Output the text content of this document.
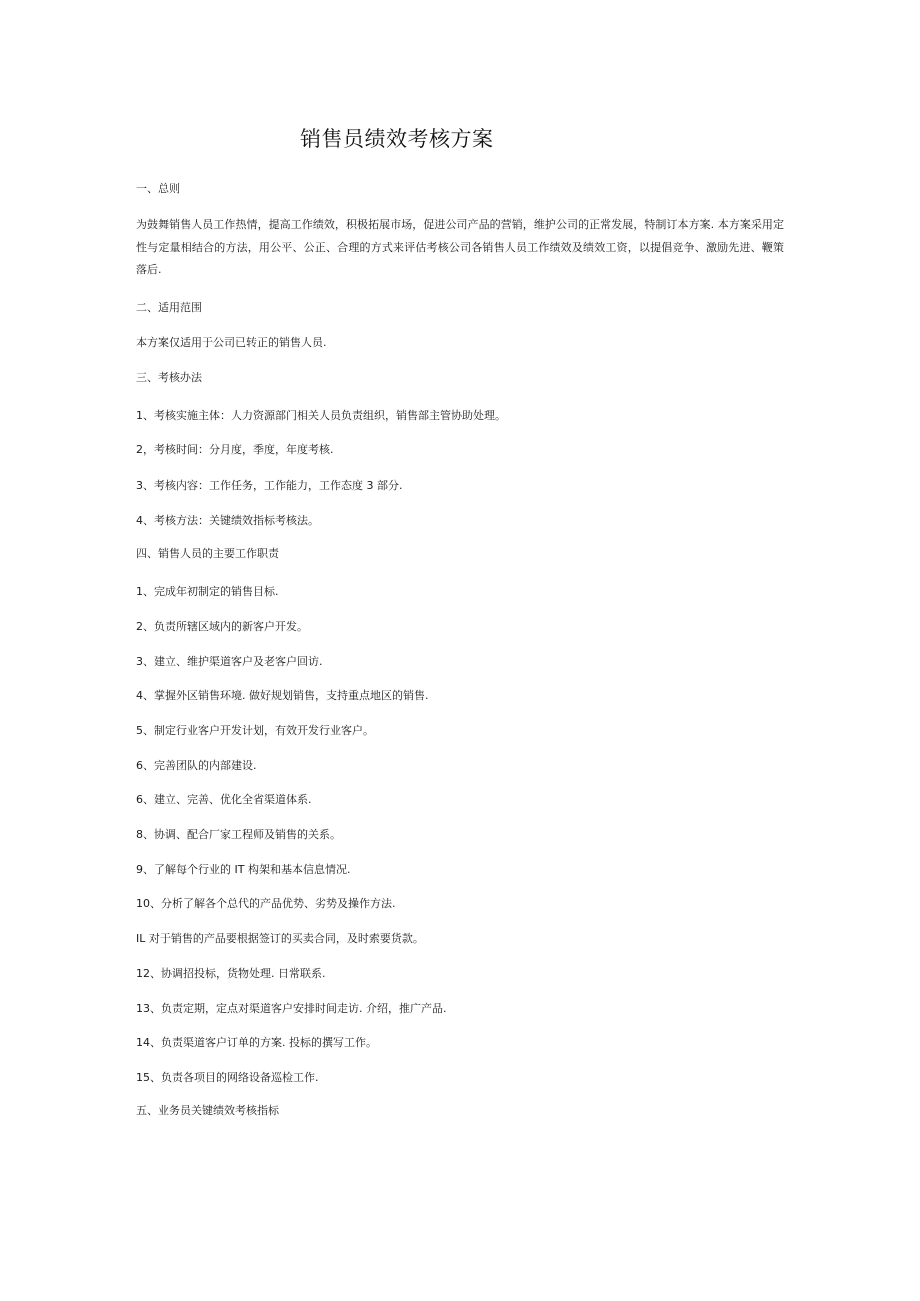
销售员绩效考核方案
一、总则
为鼓舞销售人员工作热情，提高工作绩效，积极拓展市场，促进公司产品的营销，维护公司的正常发展，特制订本方案. 本方案采用定性与定量相结合的方法，用公平、公正、合理的方式来评估考核公司各销售人员工作绩效及绩效工资，以提倡竞争、激励先进、鞭策落后.
二、适用范围
本方案仅适用于公司已转正的销售人员.
三、考核办法
1、考核实施主体：人力资源部门相关人员负责组织，销售部主管协助处理。
2，考核时间：分月度，季度，年度考核.
3、考核内容：工作任务，工作能力，工作态度 3 部分.
4、考核方法：关键绩效指标考核法。
四、销售人员的主要工作职责
1、完成年初制定的销售目标.
2、负责所辖区域内的新客户开发。
3、建立、维护渠道客户及老客户回访.
4、掌握外区销售环境. 做好规划销售，支持重点地区的销售.
5、制定行业客户开发计划，有效开发行业客户。
6、完善团队的内部建设.
6、建立、完善、优化全省渠道体系.
8、协调、配合厂家工程师及销售的关系。
9、了解每个行业的 IT 构架和基本信息情况.
10、分析了解各个总代的产品优势、劣势及操作方法.
IL 对于销售的产品要根据签订的买卖合同，及时索要货款。
12、协调招投标，货物处理. 日常联系.
13、负责定期，定点对渠道客户安排时间走访. 介绍，推广产品.
14、负责渠道客户订单的方案. 投标的撰写工作。
15、负责各项目的网络设备巡检工作.
五、业务员关键绩效考核指标
